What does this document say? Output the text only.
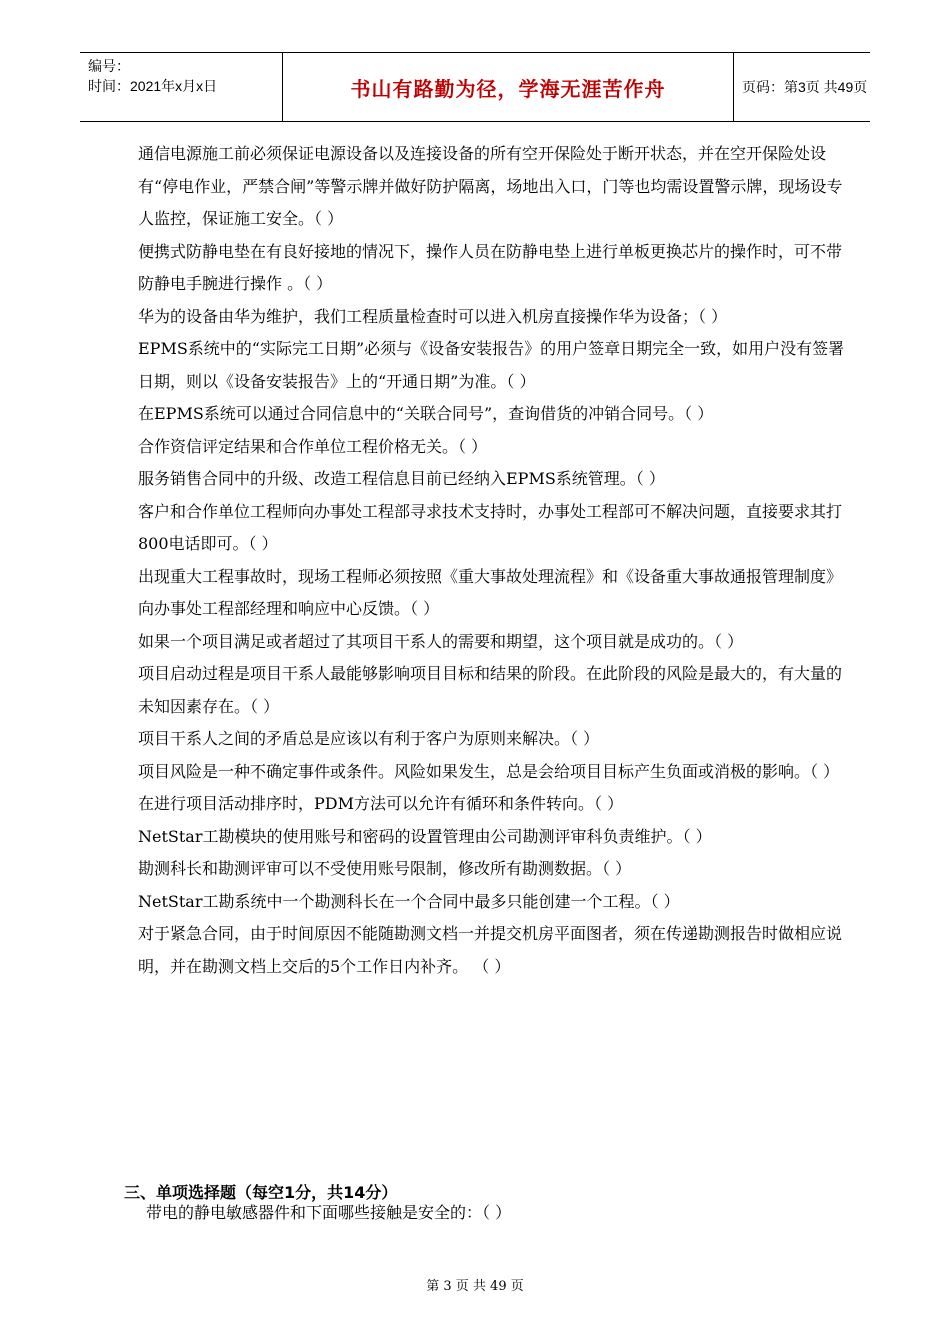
编号：
时间：2021年x月x日	书山有路勤为径，学海无涯苦作舟	页码：第3页 共49页

通信电源施工前必须保证电源设备以及连接设备的所有空开保险处于断开状态，并在空开保险处设有“停电作业，严禁合闸”等警示牌并做好防护隔离，场地出入口，门等也均需设置警示牌，现场设专人监控，保证施工安全。（ ）

便携式防静电垫在有良好接地的情况下，操作人员在防静电垫上进行单板更换芯片的操作时，可不带防静电手腕进行操作 。（ ）

华为的设备由华为维护，我们工程质量检查时可以进入机房直接操作华为设备；（ ）

EPMS系统中的“实际完工日期”必须与《设备安装报告》的用户签章日期完全一致，如用户没有签署日期，则以《设备安装报告》上的“开通日期”为准。（ ）

在EPMS系统可以通过合同信息中的“关联合同号”，查询借货的冲销合同号。（ ）

合作资信评定结果和合作单位工程价格无关。（ ）

服务销售合同中的升级、改造工程信息目前已经纳入EPMS系统管理。（ ）

客户和合作单位工程师向办事处工程部寻求技术支持时，办事处工程部可不解决问题，直接要求其打800电话即可。（ ）

出现重大工程事故时，现场工程师必须按照《重大事故处理流程》和《设备重大事故通报管理制度》向办事处工程部经理和响应中心反馈。（ ）

如果一个项目满足或者超过了其项目干系人的需要和期望，这个项目就是成功的。（ ）

项目启动过程是项目干系人最能够影响项目目标和结果的阶段。在此阶段的风险是最大的，有大量的未知因素存在。（ ）

项目干系人之间的矛盾总是应该以有利于客户为原则来解决。（ ）

项目风险是一种不确定事件或条件。风险如果发生，总是会给项目目标产生负面或消极的影响。（ ）

在进行项目活动排序时，PDM方法可以允许有循环和条件转向。（ ）

NetStar工勘模块的使用账号和密码的设置管理由公司勘测评审科负责维护。（ ）

勘测科长和勘测评审可以不受使用账号限制，修改所有勘测数据。（ ）

NetStar工勘系统中一个勘测科长在一个合同中最多只能创建一个工程。（ ）

对于紧急合同，由于时间原因不能随勘测文档一并提交机房平面图者，须在传递勘测报告时做相应说明，并在勘测文档上交后的5个工作日内补齐。 （ ）

三、单项选择题（每空1分，共14分）
带电的静电敏感器件和下面哪些接触是安全的：（ ）
第 3 页 共 49 页
